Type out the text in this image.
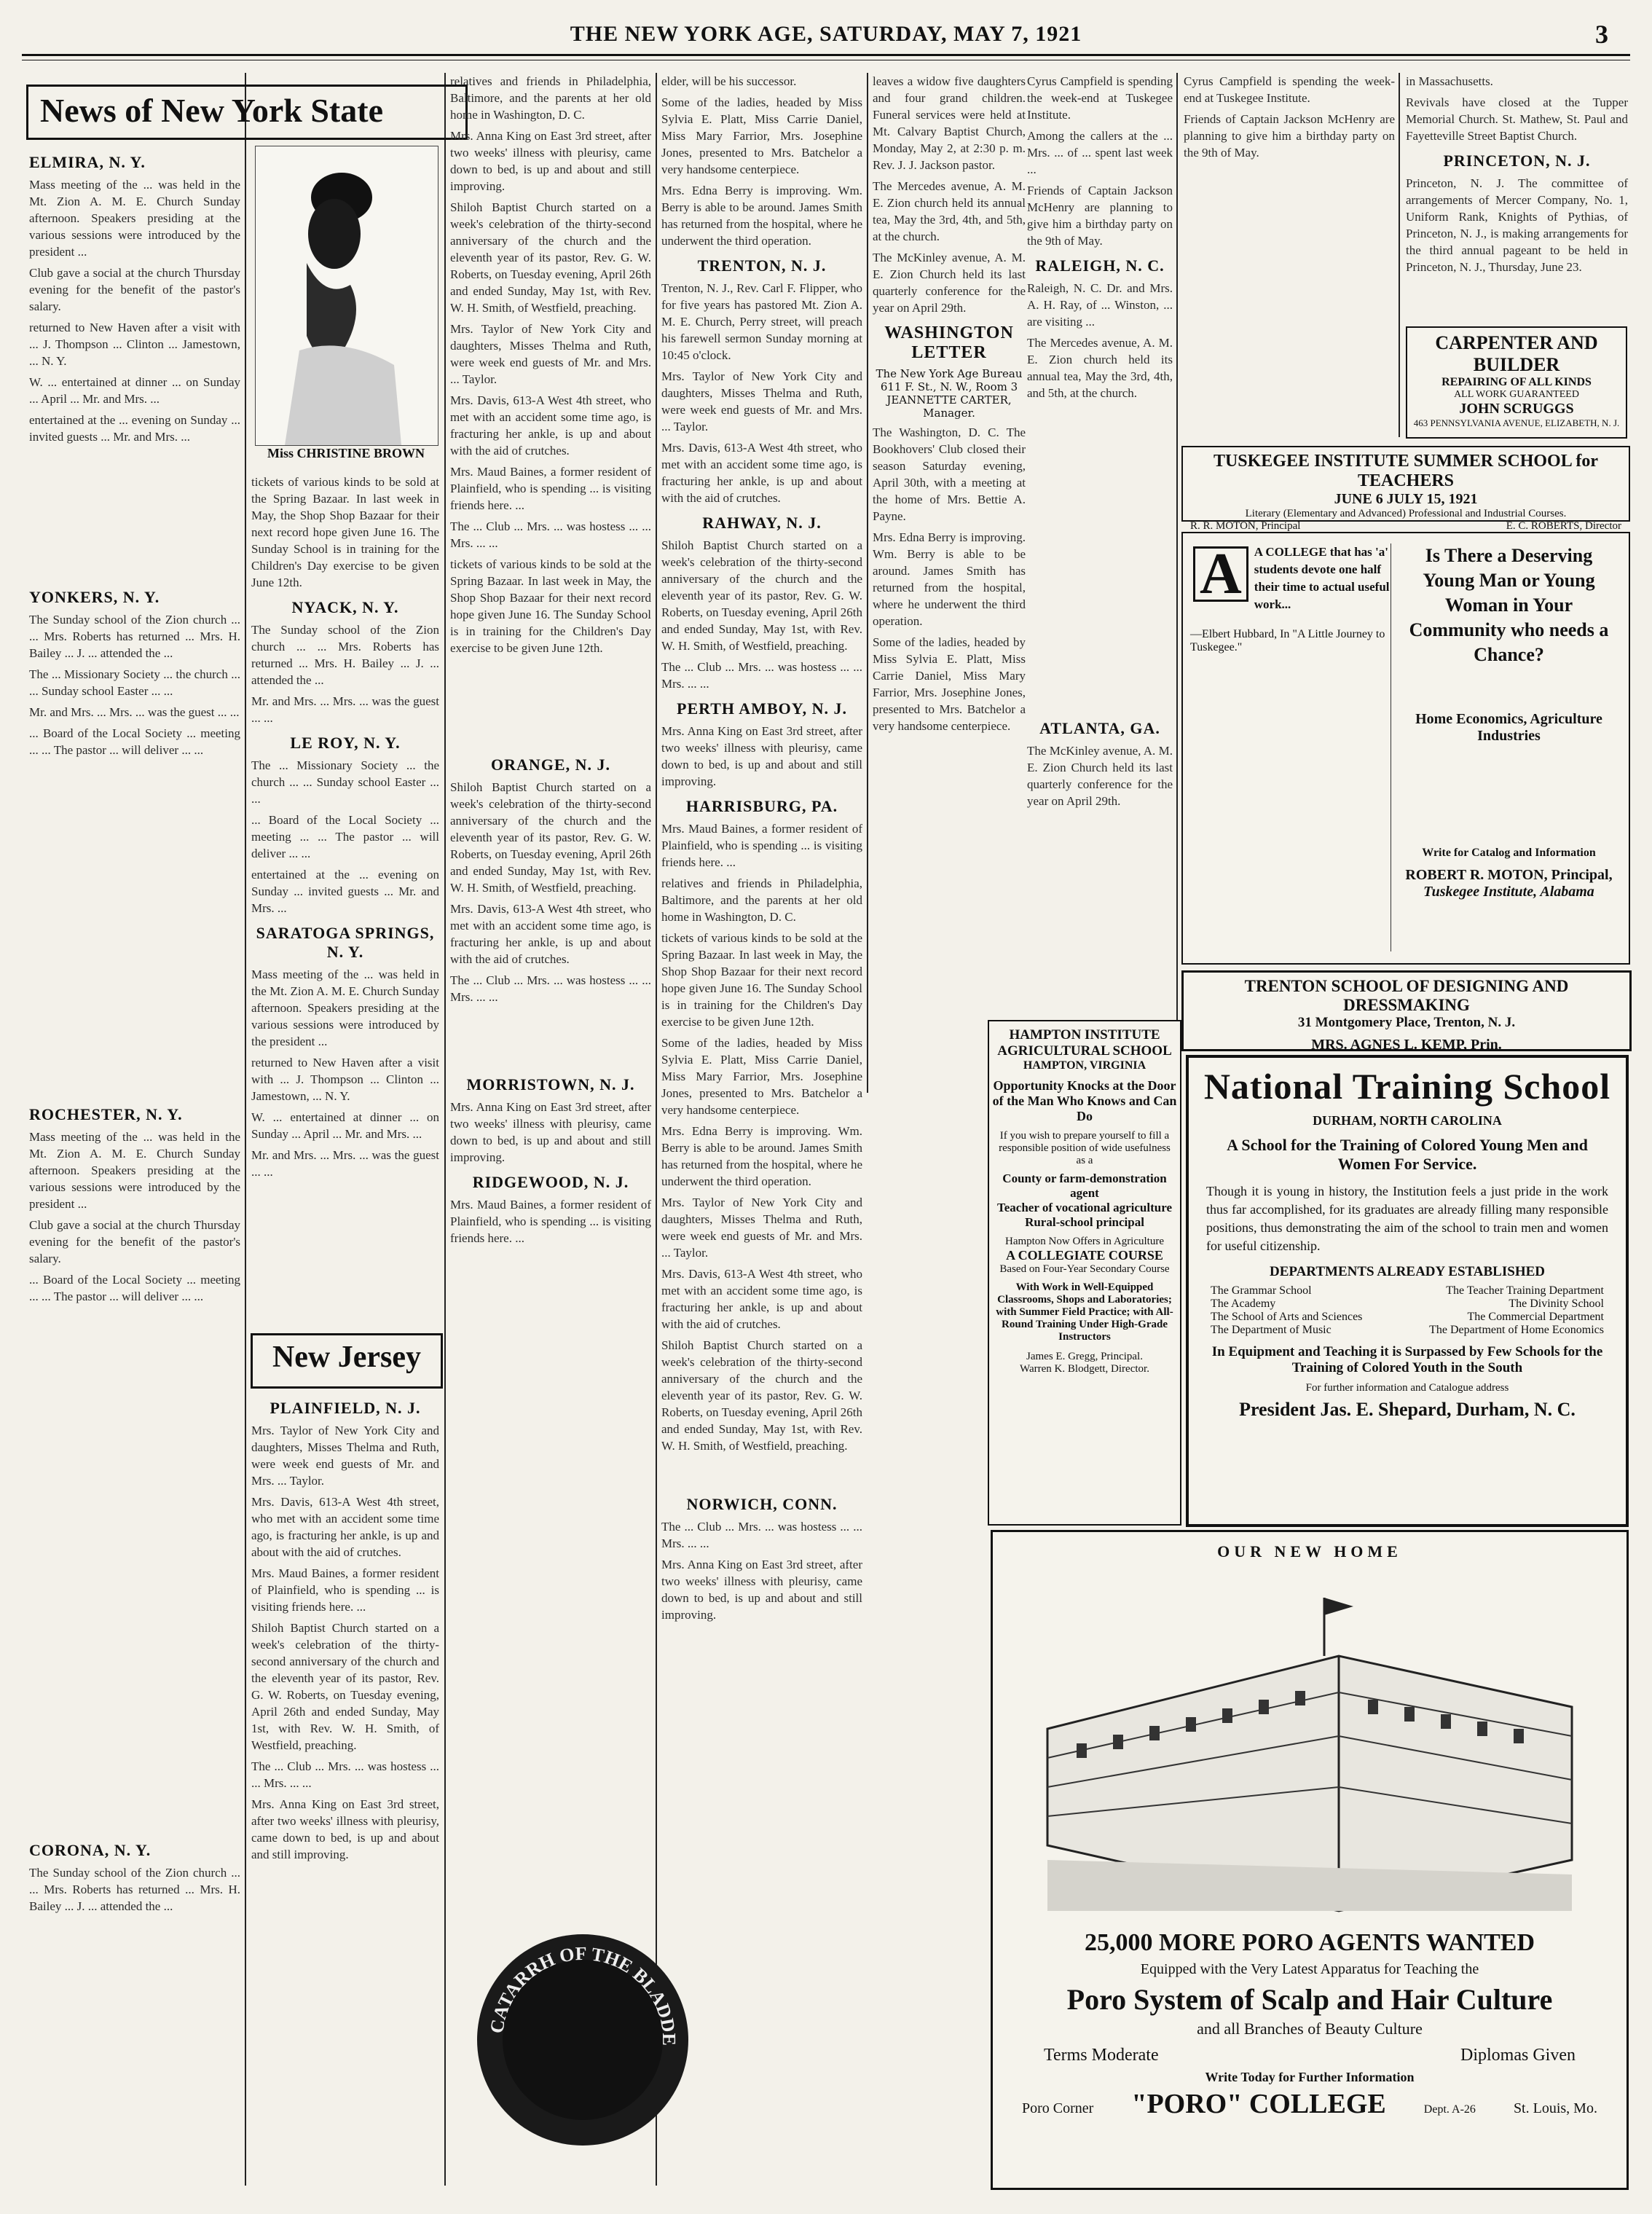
THE NEW YORK AGE, SATURDAY, MAY 7, 1921	3
News of New York State
ELMIRA, N. Y.

Mass meeting of the ... was held in the Mt. Zion A. M. E. Church Sunday afternoon. Speakers presiding at the various sessions were introduced by the president ...

Club gave a social at the church Thursday evening for the benefit of the pastor's salary.

returned to New Haven after a visit with ... J. Thompson ... Clinton ... Jamestown, ... N. Y.

W. ... entertained at dinner ... on Sunday ... April ... Mr. and Mrs. ...

entertained at the ... evening on Sunday ... invited guests ... Mr. and Mrs. ...

YONKERS, N. Y.

The Sunday school of the Zion church ... ... Mrs. Roberts has returned ... Mrs. H. Bailey ... J. ... attended the ...

The ... Missionary Society ... the church ... ... Sunday school Easter ... ...

Mr. and Mrs. ... Mrs. ... was the guest ... ...

... Board of the Local Society ... meeting ... ... The pastor ... will deliver ... ...

ROCHESTER, N. Y.

Mass meeting of the ... was held in the Mt. Zion A. M. E. Church Sunday afternoon. Speakers presiding at the various sessions were introduced by the president ...

Club gave a social at the church Thursday evening for the benefit of the pastor's salary.

... Board of the Local Society ... meeting ... ... The pastor ... will deliver ... ...

CORONA, N. Y.

The Sunday school of the Zion church ... ... Mrs. Roberts has returned ... Mrs. H. Bailey ... J. ... attended the ...

Miss CHRISTINE BROWN

tickets of various kinds to be sold at the Spring Bazaar. In last week in May, the Shop Shop Bazaar for their next record hope given June 16. The Sunday School is in training for the Children's Day exercise to be given June 12th.

NYACK, N. Y.

The Sunday school of the Zion church ... ... Mrs. Roberts has returned ... Mrs. H. Bailey ... J. ... attended the ...

Mr. and Mrs. ... Mrs. ... was the guest ... ...

LE ROY, N. Y.

The ... Missionary Society ... the church ... ... Sunday school Easter ... ...

... Board of the Local Society ... meeting ... ... The pastor ... will deliver ... ...

entertained at the ... evening on Sunday ... invited guests ... Mr. and Mrs. ...

SARATOGA SPRINGS, N. Y.

Mass meeting of the ... was held in the Mt. Zion A. M. E. Church Sunday afternoon. Speakers presiding at the various sessions were introduced by the president ...

returned to New Haven after a visit with ... J. Thompson ... Clinton ... Jamestown, ... N. Y.

W. ... entertained at dinner ... on Sunday ... April ... Mr. and Mrs. ...

Mr. and Mrs. ... Mrs. ... was the guest ... ...

New Jersey
PLAINFIELD, N. J.

Mrs. Taylor of New York City and daughters, Misses Thelma and Ruth, were week end guests of Mr. and Mrs. ... Taylor.

Mrs. Davis, 613-A West 4th street, who met with an accident some time ago, is fracturing her ankle, is up and about with the aid of crutches.

Mrs. Maud Baines, a former resident of Plainfield, who is spending ... is visiting friends here. ...

Shiloh Baptist Church started on a week's celebration of the thirty-second anniversary of the church and the eleventh year of its pastor, Rev. G. W. Roberts, on Tuesday evening, April 26th and ended Sunday, May 1st, with Rev. W. H. Smith, of Westfield, preaching.

The ... Club ... Mrs. ... was hostess ... ... Mrs. ... ...

Mrs. Anna King on East 3rd street, after two weeks' illness with pleurisy, came down to bed, is up and about and still improving.

relatives and friends in Philadelphia, Baltimore, and the parents at her old home in Washington, D. C.

Mrs. Anna King on East 3rd street, after two weeks' illness with pleurisy, came down to bed, is up and about and still improving.

Shiloh Baptist Church started on a week's celebration of the thirty-second anniversary of the church and the eleventh year of its pastor, Rev. G. W. Roberts, on Tuesday evening, April 26th and ended Sunday, May 1st, with Rev. W. H. Smith, of Westfield, preaching.

Mrs. Taylor of New York City and daughters, Misses Thelma and Ruth, were week end guests of Mr. and Mrs. ... Taylor.

Mrs. Davis, 613-A West 4th street, who met with an accident some time ago, is fracturing her ankle, is up and about with the aid of crutches.

Mrs. Maud Baines, a former resident of Plainfield, who is spending ... is visiting friends here. ...

The ... Club ... Mrs. ... was hostess ... ... Mrs. ... ...

tickets of various kinds to be sold at the Spring Bazaar. In last week in May, the Shop Shop Bazaar for their next record hope given June 16. The Sunday School is in training for the Children's Day exercise to be given June 12th.

ORANGE, N. J.

Shiloh Baptist Church started on a week's celebration of the thirty-second anniversary of the church and the eleventh year of its pastor, Rev. G. W. Roberts, on Tuesday evening, April 26th and ended Sunday, May 1st, with Rev. W. H. Smith, of Westfield, preaching.

Mrs. Davis, 613-A West 4th street, who met with an accident some time ago, is fracturing her ankle, is up and about with the aid of crutches.

The ... Club ... Mrs. ... was hostess ... ... Mrs. ... ...

MORRISTOWN, N. J.

Mrs. Anna King on East 3rd street, after two weeks' illness with pleurisy, came down to bed, is up and about and still improving.

RIDGEWOOD, N. J.

Mrs. Maud Baines, a former resident of Plainfield, who is spending ... is visiting friends here. ...

CATARRH OF THE BLADDE

elder, will be his successor.

Some of the ladies, headed by Miss Sylvia E. Platt, Miss Carrie Daniel, Miss Mary Farrior, Mrs. Josephine Jones, presented to Mrs. Batchelor a very handsome centerpiece.

Mrs. Edna Berry is improving. Wm. Berry is able to be around. James Smith has returned from the hospital, where he underwent the third operation.

TRENTON, N. J.

Trenton, N. J., Rev. Carl F. Flipper, who for five years has pastored Mt. Zion A. M. E. Church, Perry street, will preach his farewell sermon Sunday morning at 10:45 o'clock.

Mrs. Taylor of New York City and daughters, Misses Thelma and Ruth, were week end guests of Mr. and Mrs. ... Taylor.

Mrs. Davis, 613-A West 4th street, who met with an accident some time ago, is fracturing her ankle, is up and about with the aid of crutches.

RAHWAY, N. J.

Shiloh Baptist Church started on a week's celebration of the thirty-second anniversary of the church and the eleventh year of its pastor, Rev. G. W. Roberts, on Tuesday evening, April 26th and ended Sunday, May 1st, with Rev. W. H. Smith, of Westfield, preaching.

The ... Club ... Mrs. ... was hostess ... ... Mrs. ... ...

PERTH AMBOY, N. J.

Mrs. Anna King on East 3rd street, after two weeks' illness with pleurisy, came down to bed, is up and about and still improving.

HARRISBURG, PA.

Mrs. Maud Baines, a former resident of Plainfield, who is spending ... is visiting friends here. ...

relatives and friends in Philadelphia, Baltimore, and the parents at her old home in Washington, D. C.

tickets of various kinds to be sold at the Spring Bazaar. In last week in May, the Shop Shop Bazaar for their next record hope given June 16. The Sunday School is in training for the Children's Day exercise to be given June 12th.

Some of the ladies, headed by Miss Sylvia E. Platt, Miss Carrie Daniel, Miss Mary Farrior, Mrs. Josephine Jones, presented to Mrs. Batchelor a very handsome centerpiece.

Mrs. Edna Berry is improving. Wm. Berry is able to be around. James Smith has returned from the hospital, where he underwent the third operation.

Mrs. Taylor of New York City and daughters, Misses Thelma and Ruth, were week end guests of Mr. and Mrs. ... Taylor.

Mrs. Davis, 613-A West 4th street, who met with an accident some time ago, is fracturing her ankle, is up and about with the aid of crutches.

Shiloh Baptist Church started on a week's celebration of the thirty-second anniversary of the church and the eleventh year of its pastor, Rev. G. W. Roberts, on Tuesday evening, April 26th and ended Sunday, May 1st, with Rev. W. H. Smith, of Westfield, preaching.

NORWICH, CONN.

The ... Club ... Mrs. ... was hostess ... ... Mrs. ... ...

Mrs. Anna King on East 3rd street, after two weeks' illness with pleurisy, came down to bed, is up and about and still improving.

leaves a widow five daughters and four grand children. Funeral services were held at Mt. Calvary Baptist Church, Monday, May 2, at 2:30 p. m. Rev. J. J. Jackson pastor.

The Mercedes avenue, A. M. E. Zion church held its annual tea, May the 3rd, 4th, and 5th, at the church.

The McKinley avenue, A. M. E. Zion Church held its last quarterly conference for the year on April 29th.

WASHINGTON LETTER
The New York Age Bureau
611 F. St., N. W., Room 3
JEANNETTE CARTER, Manager.

The Washington, D. C. The Bookhovers' Club closed their season Saturday evening, April 30th, with a meeting at the home of Mrs. Bettie A. Payne.

Mrs. Edna Berry is improving. Wm. Berry is able to be around. James Smith has returned from the hospital, where he underwent the third operation.

Some of the ladies, headed by Miss Sylvia E. Platt, Miss Carrie Daniel, Miss Mary Farrior, Mrs. Josephine Jones, presented to Mrs. Batchelor a very handsome centerpiece.

Cyrus Campfield is spending the week-end at Tuskegee Institute.

Among the callers at the ... Mrs. ... of ... spent last week ...

Friends of Captain Jackson McHenry are planning to give him a birthday party on the 9th of May.

RALEIGH, N. C.

Raleigh, N. C. Dr. and Mrs. A. H. Ray, of ... Winston, ... are visiting ...

The Mercedes avenue, A. M. E. Zion church held its annual tea, May the 3rd, 4th, and 5th, at the church.

ATLANTA, GA.

The McKinley avenue, A. M. E. Zion Church held its last quarterly conference for the year on April 29th.

Cyrus Campfield is spending the week-end at Tuskegee Institute.

Friends of Captain Jackson McHenry are planning to give him a birthday party on the 9th of May.

in Massachusetts.

Revivals have closed at the Tupper Memorial Church. St. Mathew, St. Paul and Fayetteville Street Baptist Church.

PRINCETON, N. J.

Princeton, N. J. The committee of arrangements of Mercer Company, No. 1, Uniform Rank, Knights of Pythias, of Princeton, N. J., is making arrangements for the third annual pageant to be held in Princeton, N. J., Thursday, June 23.

CARPENTER AND BUILDER
REPAIRING OF ALL KINDS
ALL WORK GUARANTEED
JOHN SCRUGGS
463 PENNSYLVANIA AVENUE, ELIZABETH, N. J.
TUSKEGEE INSTITUTE SUMMER SCHOOL for TEACHERS
JUNE 6 JULY 15, 1921
Literary (Elementary and Advanced) Professional and Industrial Courses.
R. R. MOTON, Principal	E. C. ROBERTS, Director
A	A COLLEGE that has 'a' students devote one half their time to actual useful work...
—Elbert Hubbard, In "A Little Journey to Tuskegee."
Is There a Deserving Young Man or Young Woman in Your Community who needs a Chance?
Home Economics, Agriculture Industries
Write for Catalog and Information
ROBERT R. MOTON, Principal,
Tuskegee Institute, Alabama
TRENTON SCHOOL OF DESIGNING AND DRESSMAKING
31 Montgomery Place, Trenton, N. J.
MRS. AGNES L. KEMP, Prin.
HAMPTON INSTITUTE AGRICULTURAL SCHOOL
HAMPTON, VIRGINIA
Opportunity Knocks at the Door of the Man Who Knows and Can Do
If you wish to prepare yourself to fill a responsible position of wide usefulness as a
County or farm-demonstration agent
Teacher of vocational agriculture
Rural-school principal
Hampton Now Offers in Agriculture
A COLLEGIATE COURSE
Based on Four-Year Secondary Course
With Work in Well-Equipped Classrooms, Shops and Laboratories; with Summer Field Practice; with All-Round Training Under High-Grade Instructors
James E. Gregg, Principal.
Warren K. Blodgett, Director.
National Training School
DURHAM, NORTH CAROLINA
A School for the Training of Colored Young Men and Women For Service.
Though it is young in history, the Institution feels a just pride in the work thus far accomplished, for its graduates are already filling many responsible positions, thus demonstrating the aim of the school to train men and women for useful citizenship.
DEPARTMENTS ALREADY ESTABLISHED
The Grammar School	The Teacher Training Department
The Academy	The Divinity School
The School of Arts and Sciences	The Commercial Department
The Department of Music	The Department of Home Economics
In Equipment and Teaching it is Surpassed by Few Schools for the Training of Colored Youth in the South
For further information and Catalogue address
President Jas. E. Shepard, Durham, N. C.
OUR NEW HOME
25,000 MORE PORO AGENTS WANTED
Equipped with the Very Latest Apparatus for Teaching the
Poro System of Scalp and Hair Culture
and all Branches of Beauty Culture
Terms Moderate	Diplomas Given
Write Today for Further Information
Poro Corner "PORO" COLLEGE	Dept. A-26	St. Louis, Mo.
